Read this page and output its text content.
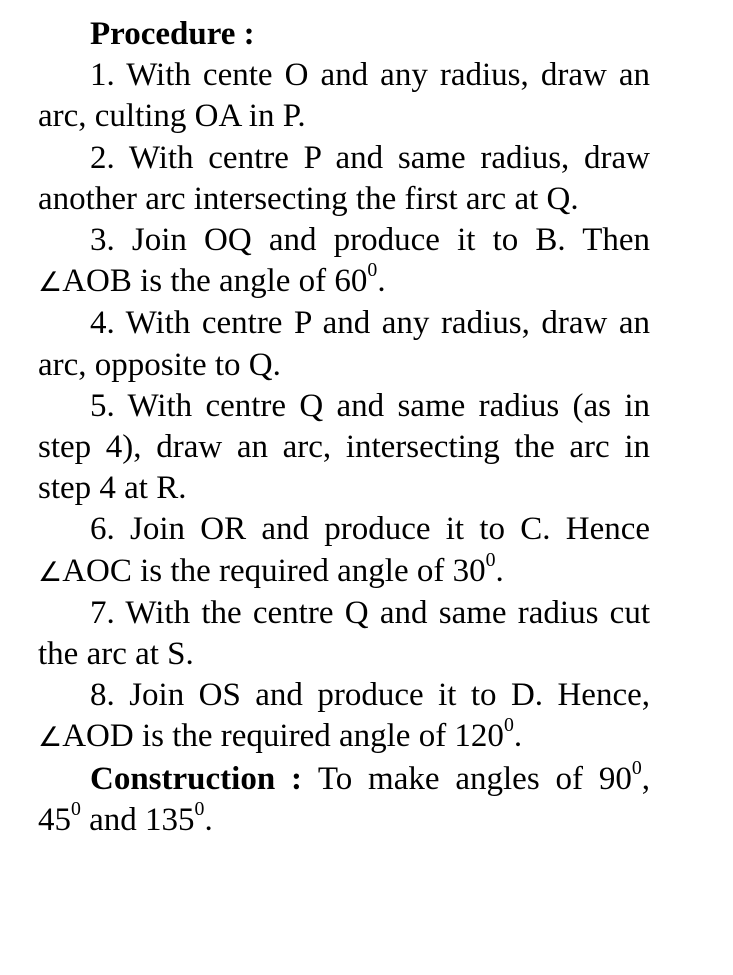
Procedure :

1. With cente O and any radius, draw an arc, culting OA in P.

2. With centre P and same radius, draw another arc intersecting the first arc at Q.

3. Join OQ and produce it to B. Then ∠AOB is the angle of $60^0$.

4. With centre P and any radius, draw an arc, opposite to Q.

5. With centre Q and same radius (as in step 4), draw an arc, intersecting the arc in step 4 at R.

6. Join OR and produce it to C. Hence ∠AOC is the required angle of $30^0$.

7. With the centre Q and same radius cut the arc at S.

8. Join OS and produce it to D. Hence, ∠AOD is the required angle of $120^0$.

Construction : To make angles of $90^0$, $45^0$ and $135^0$.
